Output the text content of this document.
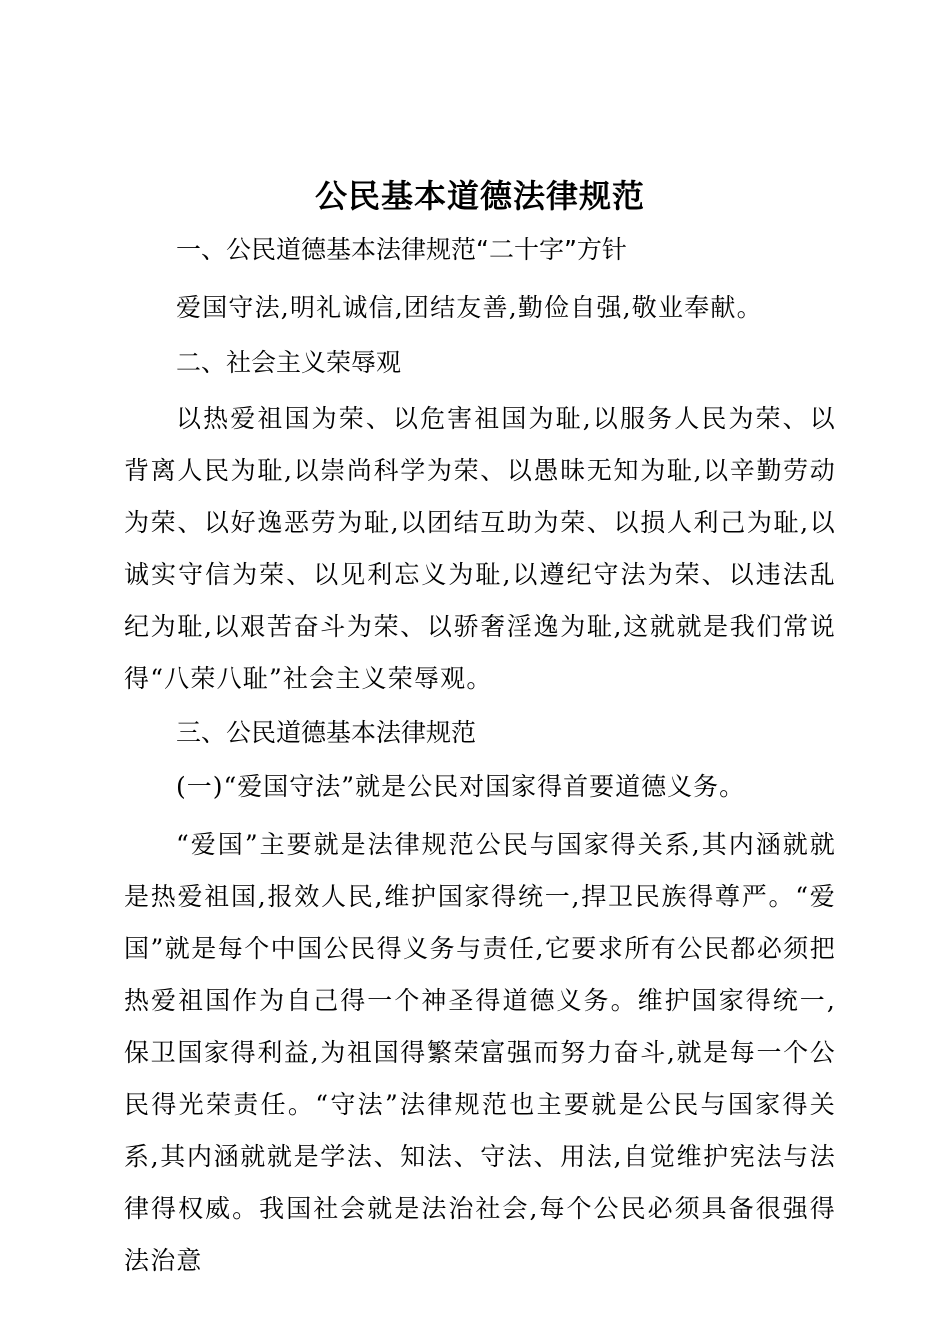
公民基本道德法律规范

一、公民道德基本法律规范“二十字”方针

爱国守法,明礼诚信,团结友善,勤俭自强,敬业奉献。

二、社会主义荣辱观

以热爱祖国为荣、以危害祖国为耻,以服务人民为荣、以背离人民为耻,以崇尚科学为荣、以愚昧无知为耻,以辛勤劳动为荣、以好逸恶劳为耻,以团结互助为荣、以损人利己为耻,以诚实守信为荣、以见利忘义为耻,以遵纪守法为荣、以违法乱纪为耻,以艰苦奋斗为荣、以骄奢淫逸为耻,这就就是我们常说得“八荣八耻”社会主义荣辱观。

三、公民道德基本法律规范

(一)“爱国守法”就是公民对国家得首要道德义务。

“爱国”主要就是法律规范公民与国家得关系,其内涵就就是热爱祖国,报效人民,维护国家得统一,捍卫民族得尊严。“爱国”就是每个中国公民得义务与责任,它要求所有公民都必须把热爱祖国作为自己得一个神圣得道德义务。维护国家得统一,保卫国家得利益,为祖国得繁荣富强而努力奋斗,就是每一个公民得光荣责任。“守法”法律规范也主要就是公民与国家得关系,其内涵就就是学法、知法、守法、用法,自觉维护宪法与法律得权威。我国社会就是法治社会,每个公民必须具备很强得法治意
